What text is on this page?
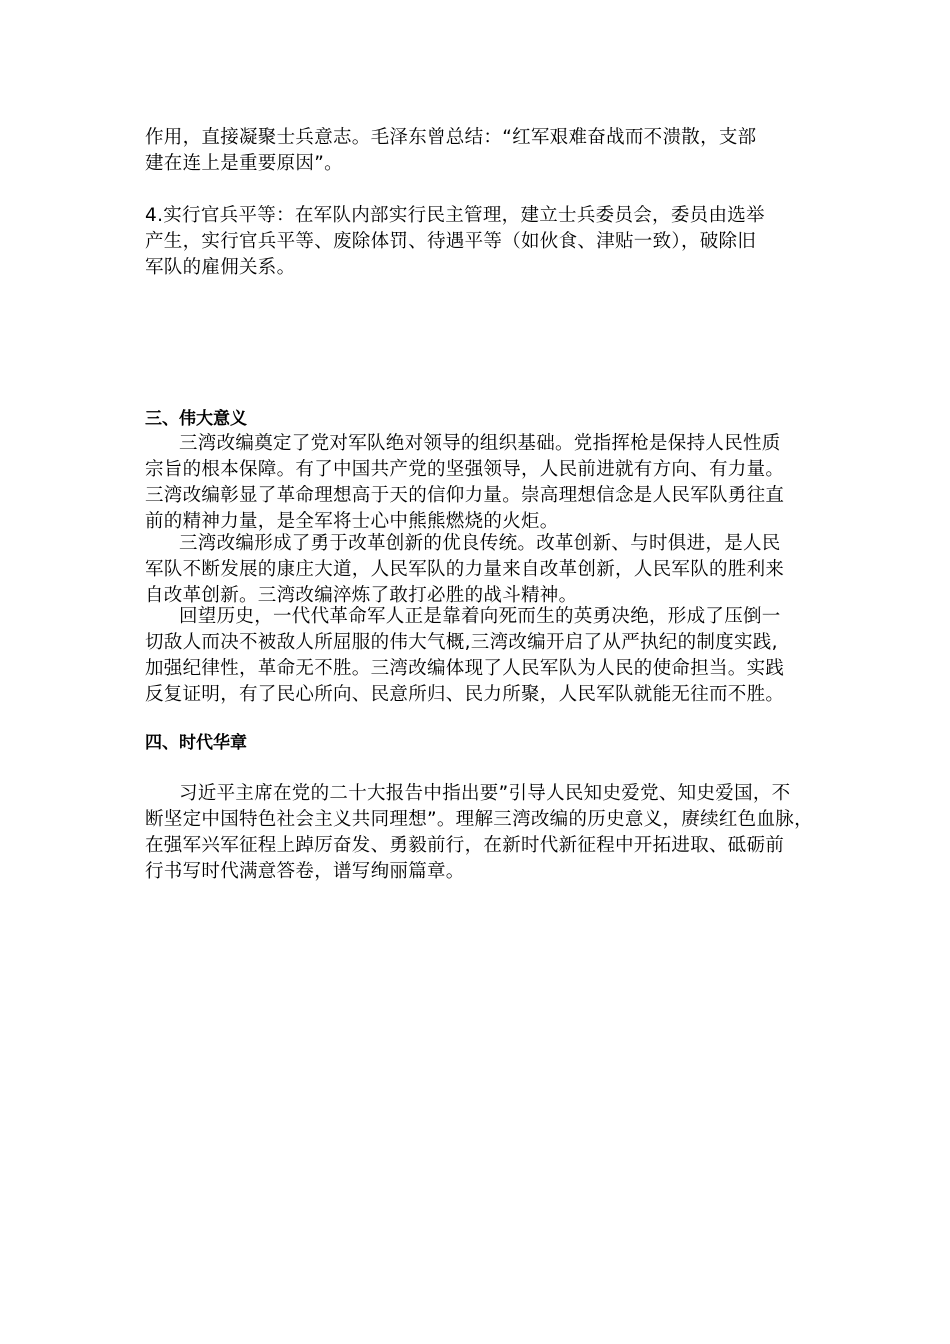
作用，直接凝聚士兵意志。毛泽东曾总结：“红军艰难奋战而不溃散，支部
建在连上是重要原因”。
4.实行官兵平等：在军队内部实行民主管理，建立士兵委员会，委员由选举
产生，实行官兵平等、废除体罚、待遇平等（如伙食、津贴一致），破除旧
军队的雇佣关系。
三、伟大意义
三湾改编奠定了党对军队绝对领导的组织基础。党指挥枪是保持人民性质
宗旨的根本保障。有了中国共产党的坚强领导，人民前进就有方向、有力量。
三湾改编彰显了革命理想高于天的信仰力量。崇高理想信念是人民军队勇往直
前的精神力量，是全军将士心中熊熊燃烧的火炬。
三湾改编形成了勇于改革创新的优良传统。改革创新、与时俱进，是人民
军队不断发展的康庄大道，人民军队的力量来自改革创新，人民军队的胜利来
自改革创新。三湾改编淬炼了敢打必胜的战斗精神。
回望历史，一代代革命军人正是靠着向死而生的英勇决绝，形成了压倒一
切敌人而决不被敌人所屈服的伟大气概,三湾改编开启了从严执纪的制度实践,
加强纪律性，革命无不胜。三湾改编体现了人民军队为人民的使命担当。实践
反复证明，有了民心所向、民意所归、民力所聚，人民军队就能无往而不胜。
四、时代华章
习近平主席在党的二十大报告中指出要”引导人民知史爱党、知史爱国，不
断坚定中国特色社会主义共同理想”。理解三湾改编的历史意义，赓续红色血脉，
在强军兴军征程上踔厉奋发、勇毅前行，在新时代新征程中开拓进取、砥砺前
行书写时代满意答卷，谱写绚丽篇章。
